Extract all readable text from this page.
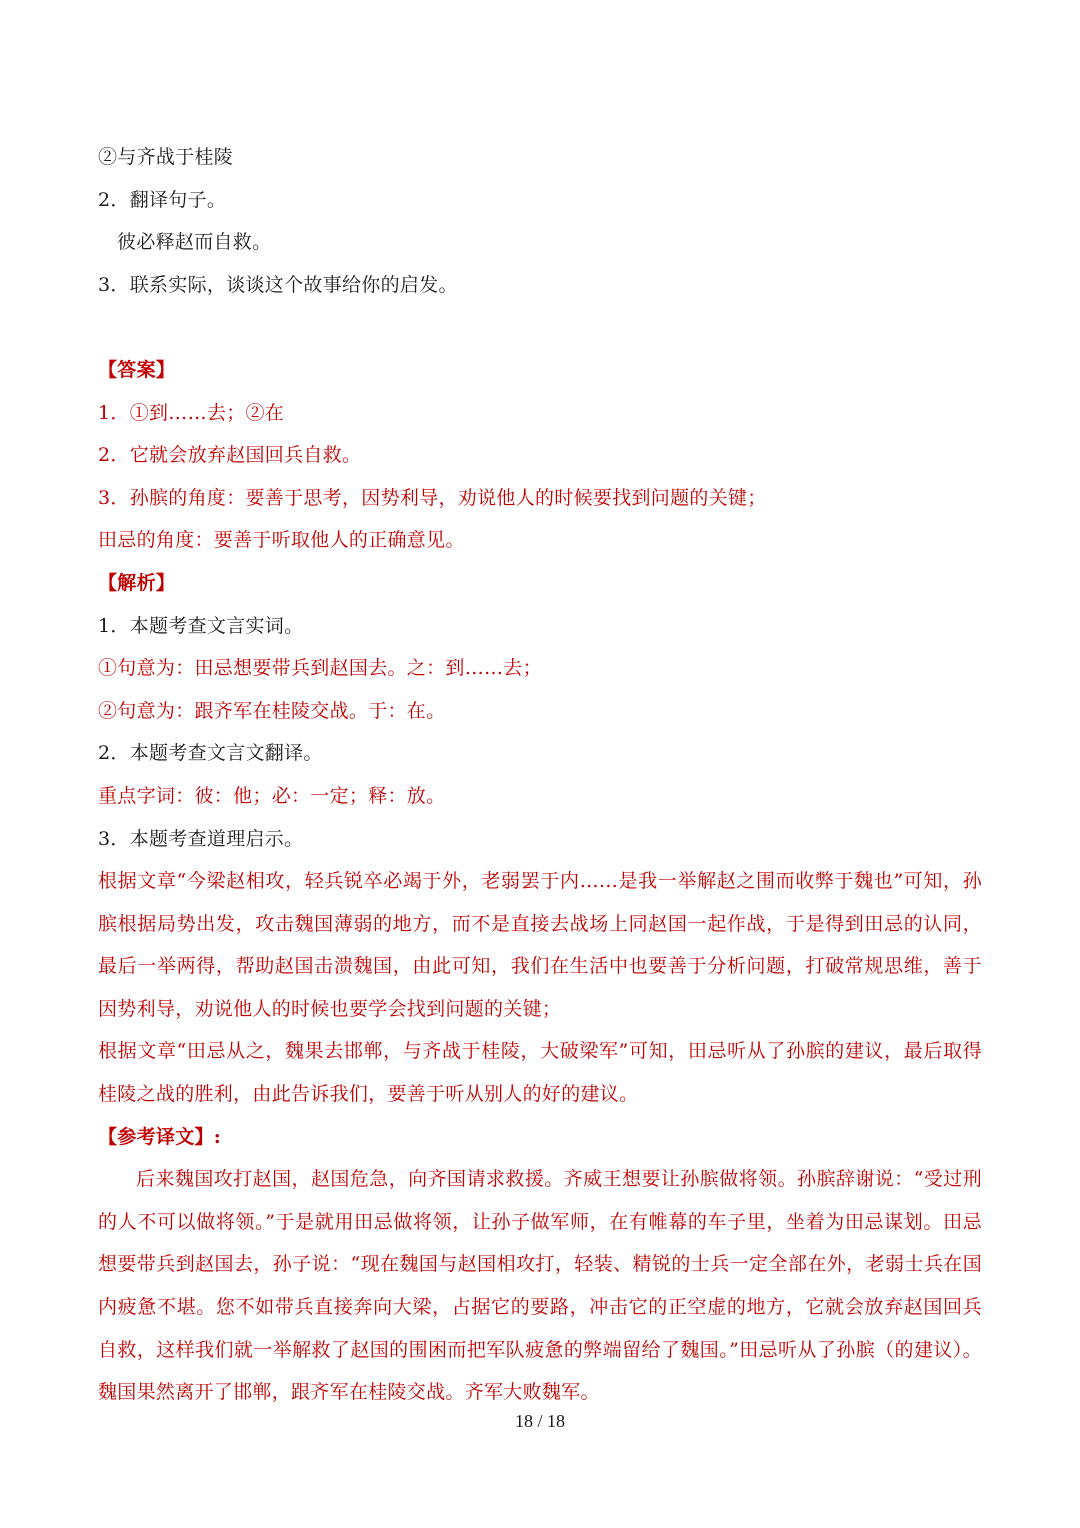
②与齐战于桂陵
2．翻译句子。
彼必释赵而自救。
3．联系实际，谈谈这个故事给你的启发。
【答案】
1．①到……去；②在
2．它就会放弃赵国回兵自救。
3．孙膑的角度：要善于思考，因势利导，劝说他人的时候要找到问题的关键；
田忌的角度：要善于听取他人的正确意见。
【解析】
1．本题考查文言实词。
①句意为：田忌想要带兵到赵国去。之：到……去；
②句意为：跟齐军在桂陵交战。于：在。
2．本题考查文言文翻译。
重点字词：彼：他；必：一定；释：放。
3．本题考查道理启示。
根据文章“今梁赵相攻，轻兵锐卒必竭于外，老弱罢于内……是我一举解赵之围而收弊于魏也”可知，孙膑根据局势出发，攻击魏国薄弱的地方，而不是直接去战场上同赵国一起作战，于是得到田忌的认同，最后一举两得，帮助赵国击溃魏国，由此可知，我们在生活中也要善于分析问题，打破常规思维，善于因势利导，劝说他人的时候也要学会找到问题的关键；
根据文章“田忌从之，魏果去邯郸，与齐战于桂陵，大破梁军”可知，田忌听从了孙膑的建议，最后取得桂陵之战的胜利，由此告诉我们，要善于听从别人的好的建议。
【参考译文】:
后来魏国攻打赵国，赵国危急，向齐国请求救援。齐威王想要让孙膑做将领。孙膑辞谢说：“受过刑的人不可以做将领。”于是就用田忌做将领，让孙子做军师，在有帷幕的车子里，坐着为田忌谋划。田忌想要带兵到赵国去，孙子说：“现在魏国与赵国相攻打，轻装、精锐的士兵一定全部在外，老弱士兵在国内疲惫不堪。您不如带兵直接奔向大梁，占据它的要路，冲击它的正空虚的地方，它就会放弃赵国回兵自救，这样我们就一举解救了赵国的围困而把军队疲惫的弊端留给了魏国。”田忌听从了孙膑（的建议）。魏国果然离开了邯郸，跟齐军在桂陵交战。齐军大败魏军。
18 / 18
